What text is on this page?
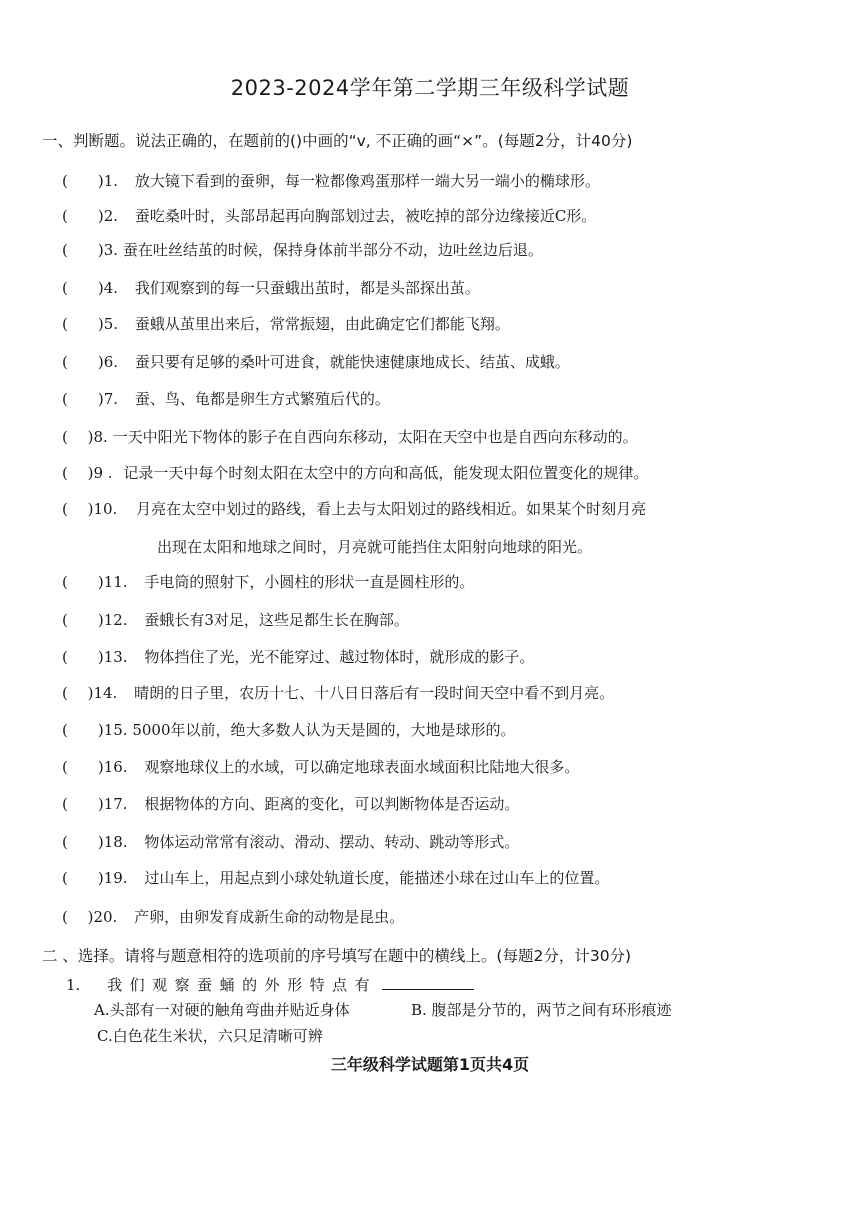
2023-2024学年第二学期三年级科学试题
一、判断题。说法正确的，在题前的()中画的“v, 不正确的画“×”。(每题2分，计40分)
(　　)1. 放大镜下看到的蚕卵，每一粒都像鸡蛋那样一端大另一端小的椭球形。
(　　)2. 蚕吃桑叶时，头部昂起再向胸部划过去，被吃掉的部分边缘接近C形。
(　　)3. 蚕在吐丝结茧的时候，保持身体前半部分不动，边吐丝边后退。
(　　)4. 我们观察到的每一只蚕蛾出茧时，都是头部探出茧。
(　　)5. 蚕蛾从茧里出来后，常常振翅，由此确定它们都能飞翔。
(　　)6. 蚕只要有足够的桑叶可进食，就能快速健康地成长、结茧、成蛾。
(　　)7. 蚕、鸟、龟都是卵生方式繁殖后代的。
(　 )8. 一天中阳光下物体的影子在自西向东移动，太阳在天空中也是自西向东移动的。
(　 )9 . 记录一天中每个时刻太阳在太空中的方向和高低，能发现太阳位置变化的规律。
(　 )10. 月亮在太空中划过的路线，看上去与太阳划过的路线相近。如果某个时刻月亮
出现在太阳和地球之间时，月亮就可能挡住太阳射向地球的阳光。
(　　)11. 手电筒的照射下，小圆柱的形状一直是圆柱形的。
(　　)12. 蚕蛾长有3对足，这些足都生长在胸部。
(　　)13. 物体挡住了光，光不能穿过、越过物体时，就形成的影子。
(　 )14. 晴朗的日子里，农历十七、十八日日落后有一段时间天空中看不到月亮。
(　　)15. 5000年以前，绝大多数人认为天是圆的，大地是球形的。
(　　)16. 观察地球仪上的水域，可以确定地球表面水域面积比陆地大很多。
(　　)17. 根据物体的方向、距离的变化，可以判断物体是否运动。
(　　)18. 物体运动常常有滚动、滑动、摆动、转动、跳动等形式。
(　　)19. 过山车上，用起点到小球处轨道长度，能描述小球在过山车上的位置。
(　 )20. 产卵，由卵发育成新生命的动物是昆虫。
二 、选择。请将与题意相符的选项前的序号填写在题中的横线上。(每题2分，计30分)
1. 我们观察蚕蛹的外形特点有
A.头部有一对硬的触角弯曲并贴近身体	B. 腹部是分节的，两节之间有环形痕迹
C.白色花生米状，六只足清晰可辨
三年级科学试题第1页共4页
